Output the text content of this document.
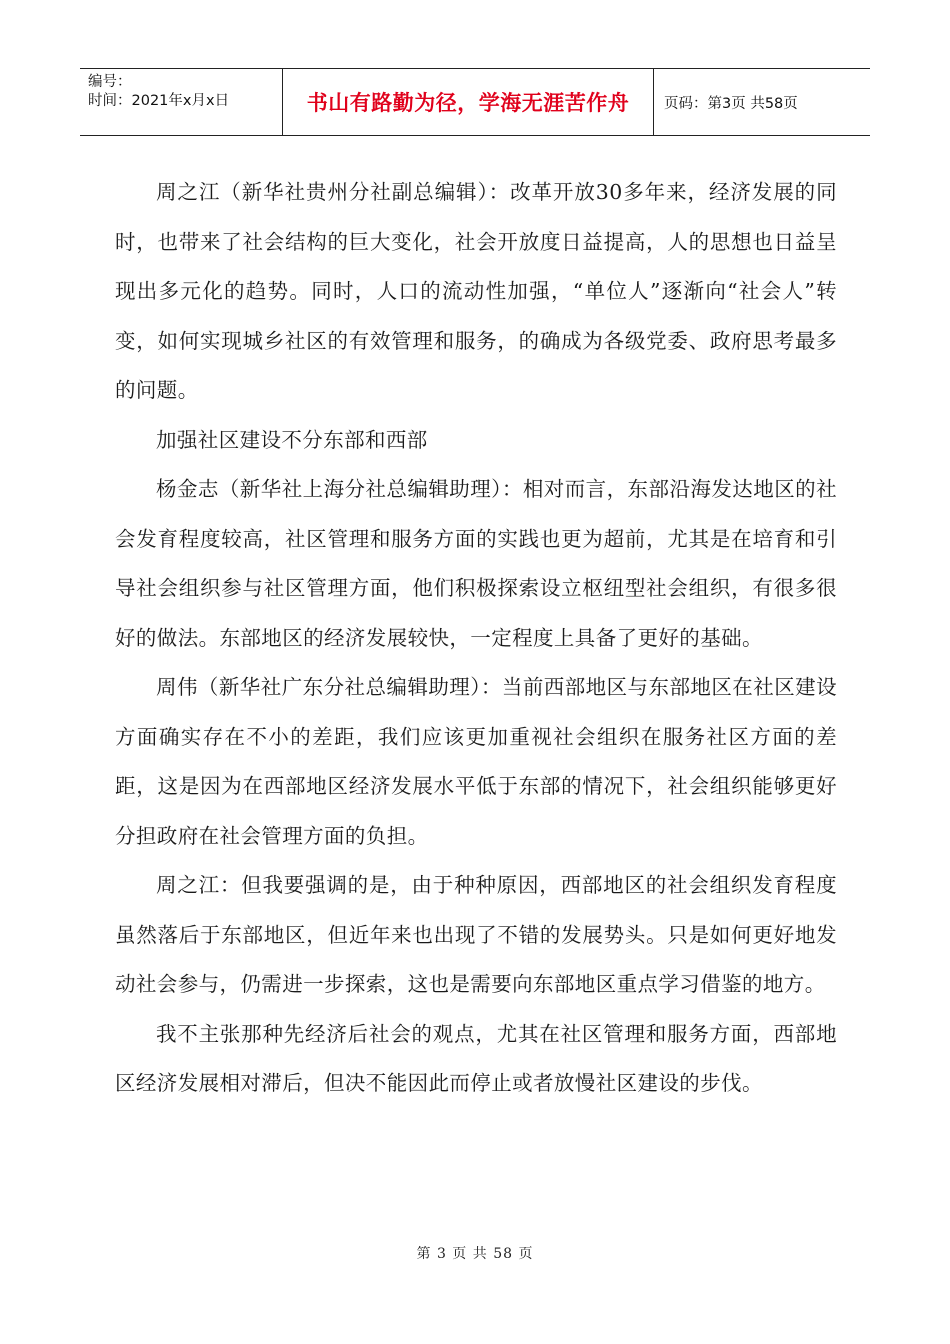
编号：
时间：2021年x月x日	书山有路勤为径，学海无涯苦作舟	页码：第3页 共58页

周之江（新华社贵州分社副总编辑）：改革开放30多年来，经济发展的同时，也带来了社会结构的巨大变化，社会开放度日益提高，人的思想也日益呈现出多元化的趋势。同时，人口的流动性加强，“单位人”逐渐向“社会人”转变，如何实现城乡社区的有效管理和服务，的确成为各级党委、政府思考最多的问题。

加强社区建设不分东部和西部

杨金志（新华社上海分社总编辑助理）：相对而言，东部沿海发达地区的社会发育程度较高，社区管理和服务方面的实践也更为超前，尤其是在培育和引导社会组织参与社区管理方面，他们积极探索设立枢纽型社会组织，有很多很好的做法。东部地区的经济发展较快，一定程度上具备了更好的基础。

周伟（新华社广东分社总编辑助理）：当前西部地区与东部地区在社区建设方面确实存在不小的差距，我们应该更加重视社会组织在服务社区方面的差距，这是因为在西部地区经济发展水平低于东部的情况下，社会组织能够更好分担政府在社会管理方面的负担。

周之江：但我要强调的是，由于种种原因，西部地区的社会组织发育程度虽然落后于东部地区，但近年来也出现了不错的发展势头。只是如何更好地发动社会参与，仍需进一步探索，这也是需要向东部地区重点学习借鉴的地方。

我不主张那种先经济后社会的观点，尤其在社区管理和服务方面，西部地区经济发展相对滞后，但决不能因此而停止或者放慢社区建设的步伐。

第 3 页 共 58 页
